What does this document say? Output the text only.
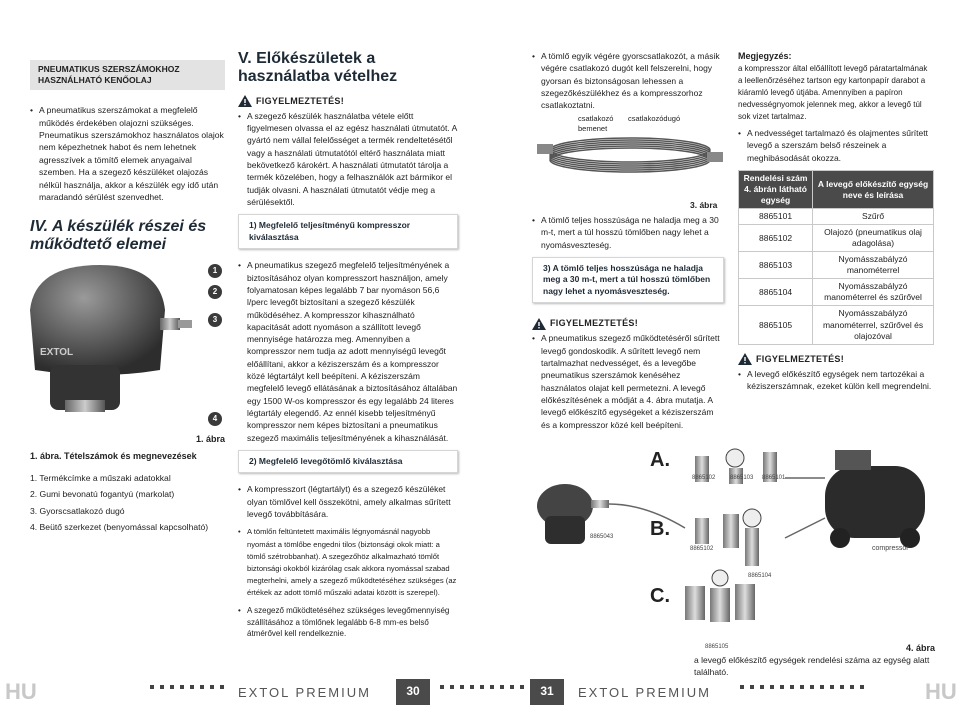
PNEUMATIKUS SZERSZÁMOKHOZ HASZNÁLHATÓ KENŐOLAJ
• A pneumatikus szerszámokat a megfelelő működés érdekében olajozni szükséges. Pneumatikus szerszámokhoz használatos olajok nem képezhetnek habot és nem lehetnek agresszívek a tömítő elemek anyagaival szemben. Ha a szegező készüléket olajozás nélkül használja, akkor a készülék egy idő után maradandó sérülést szenvedhet.
IV. A készülék részei és működtető elemei
EXTOL
1
2
3
4
1. ábra
1. ábra. Tételszámok és megnevezések
1. Termékcímke a műszaki adatokkal
2. Gumi bevonatú fogantyú (markolat)
3. Gyorscsatlakozó dugó
4. Beütő szerkezet (benyomással kapcsolható)
V. Előkészületek a használatba vételhez
FIGYELMEZTETÉS!
• A szegező készülék használatba vétele előtt figyelmesen olvassa el az egész használati útmutatót. A gyártó nem vállal felelősséget a termék rendeltetésétől vagy a használati útmutatótól eltérő használata miatt bekövetkező károkért. A használati útmutatót tárolja a termék közelében, hogy a felhasználók azt bármikor el tudják olvasni. A használati útmutatót védje meg a sérülésektől.
1) Megfelelő teljesítményű kompresszor kiválasztása
• A pneumatikus szegező megfelelő teljesítményének a biztosításához olyan kompresszort használjon, amely folyamatosan képes legalább 7 bar nyomáson 56,6 l/perc levegőt biztosítani a szegező készülék működéséhez. A kompresszor kihasználható kapacitását adott nyomáson a szállított levegő mennyisége határozza meg. Amennyiben a kompresszor nem tudja az adott mennyiségű levegőt előállítani, akkor a kéziszerszám és a kompresszor közé légtartályt kell beépíteni. A kéziszerszám megfelelő levegő ellátásának a biztosításához általában egy 1500 W-os kompresszor és egy legalább 24 literes légtartály elegendő. Az ennél kisebb teljesítményű kompresszor nem képes biztosítani a pneumatikus szegező maximális teljesítményének a kihasználását.
2) Megfelelő levegőtömlő kiválasztása
• A kompresszort (légtartályt) és a szegező készüléket olyan tömlővel kell összekötni, amely alkalmas sűrített levegő továbbítására.
• A tömlőn feltüntetett maximális légnyomásnál nagyobb nyomást a tömlőbe engedni tilos (biztonsági okok miatt: a tömlő szétrobbanhat). A szegezőhöz alkalmazható tömlőt biztonsági okokból kizárólag csak akkora nyomással szabad megterhelni, amely a szegező működtetéséhez szükséges (az értékek az adott tömlő műszaki adatai között is szerepel).
• A szegező működtetéséhez szükséges levegőmennyiség szállításához a tömlőnek legalább 6-8 mm-es belső átmérővel kell rendelkeznie.
• A tömlő egyik végére gyorscsatlakozót, a másik végére csatlakozó dugót kell felszerelni, hogy gyorsan és biztonságosan lehessen a szegezőkészülékhez és a kompresszorhoz csatlakoztatni.
csatlakozó bemenet
csatlakozódugó
3. ábra
• A tömlő teljes hosszúsága ne haladja meg a 30 m-t, mert a túl hosszú tömlőben nagy lehet a nyomásveszteség.
3) A tömlő teljes hosszúsága ne haladja meg a 30 m-t, mert a túl hosszú tömlőben nagy lehet a nyomásveszteség.
FIGYELMEZTETÉS!
• A pneumatikus szegező működtetéséről sűrített levegő gondoskodik. A sűrített levegő nem tartalmazhat nedvességet, és a levegőbe pneumatikus szerszámok kenéséhez használatos olajat kell permetezni. A levegő előkészítésének a módját a 4. ábra mutatja. A levegő előkészítő egységeket a kéziszerszám és a kompresszor közé kell beépíteni.
Megjegyzés:
a kompresszor által előállított levegő páratartalmának a leellenőrzéséhez tartson egy kartonpapír darabot a kiáramló levegő útjába. Amennyiben a papíron nedvességnyomok jelennek meg, akkor a levegő túl sok vizet tartalmaz.
• A nedvességet tartalmazó és olajmentes sűrített levegő a szerszám belső részeinek a meghibásodását okozza.
Rendelési szám 4. ábrán látható egység	A levegő előkészítő egység neve és leírása
8865101	Szűrő
8865102	Olajozó (pneumatikus olaj adagolása)
8865103	Nyomásszabályzó manométerrel
8865104	Nyomásszabályzó manométerrel és szűrővel
8865105	Nyomásszabályzó manométerrel, szűrővel és olajozóval
FIGYELMEZTETÉS!
• A levegő előkészítő egységek nem tartozékai a kéziszerszámnak, ezeket külön kell megrendelni.
A.
B.
C.
8865102 8865103 8865101
8865043
8865102
8865104
8865105
compressor
4. ábra
a levegő előkészítő egységek rendelési száma az egység alatt található.
HU	EXTOL PREMIUM	30	31	EXTOL PREMIUM	HU
